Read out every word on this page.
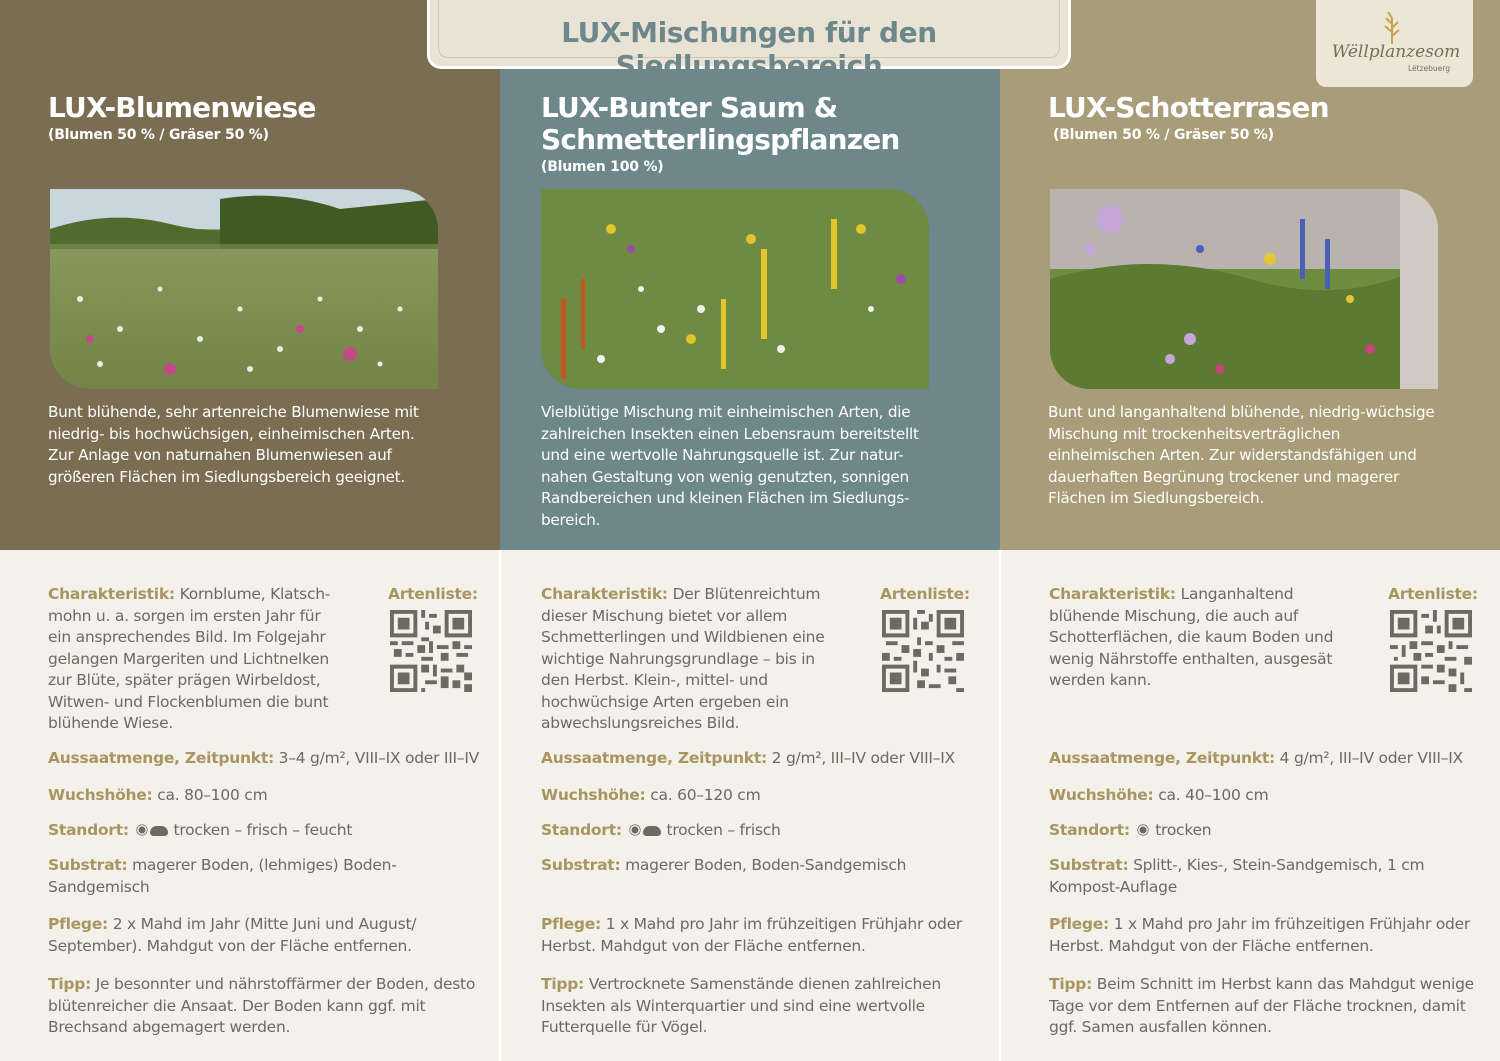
LUX-Blumenwiese
(Blumen 50 % / Gräser 50 %)

Bunt blühende, sehr artenreiche Blumenwiese mit niedrig- bis hochwüchsigen, einheimischen Arten. Zur Anlage von naturnahen Blumenwiesen auf größeren Flächen im Siedlungsbereich geeignet.

LUX-Bunter Saum & Schmetterlingspflanzen
(Blumen 100 %)

Vielblütige Mischung mit einheimischen Arten, die zahlreichen Insekten einen Lebensraum bereitstellt und eine wertvolle Nahrungsquelle ist. Zur natur-nahen Gestaltung von wenig genutzten, sonnigen Randbereichen und kleinen Flächen im Siedlungs-bereich.

LUX-Schotterrasen
(Blumen 50 % / Gräser 50 %)

Bunt und langanhaltend blühende, niedrig-wüchsige Mischung mit trockenheitsverträglichen einheimischen Arten. Zur widerstandsfähigen und dauerhaften Begrünung trockener und magerer Flächen im Siedlungsbereich.

LUX-Mischungen für den Siedlungsbereich	Wëllplanzesom
Lëtzebuerg

Charakteristik: Kornblume, Klatsch-mohn u. a. sorgen im ersten Jahr für ein ansprechendes Bild. Im Folgejahr gelangen Margeriten und Lichtnelken zur Blüte, später prägen Wirbeldost, Witwen- und Flockenblumen die bunt blühende Wiese.

Artenliste:

Aussaatmenge, Zeitpunkt: 3–4 g/m², VIII–IX oder III–IV

Wuchshöhe: ca. 80–100 cm

Standort:	trocken – frisch – feucht

Substrat: magerer Boden, (lehmiges) Boden-Sandgemisch

Pflege: 2 x Mahd im Jahr (Mitte Juni und August/ September). Mahdgut von der Fläche entfernen.

Tipp: Je besonnter und nährstoffärmer der Boden, desto blütenreicher die Ansaat. Der Boden kann ggf. mit Brechsand abgemagert werden.

Charakteristik: Der Blütenreichtum dieser Mischung bietet vor allem Schmetterlingen und Wildbienen eine wichtige Nahrungsgrundlage – bis in den Herbst. Klein-, mittel- und hochwüchsige Arten ergeben ein abwechslungsreiches Bild.

Artenliste:

Aussaatmenge, Zeitpunkt: 2 g/m², III–IV oder VIII–IX

Wuchshöhe: ca. 60–120 cm

Standort:	trocken – frisch

Substrat: magerer Boden, Boden-Sandgemisch

Pflege: 1 x Mahd pro Jahr im frühzeitigen Frühjahr oder Herbst. Mahdgut von der Fläche entfernen.

Tipp: Vertrocknete Samenstände dienen zahlreichen Insekten als Winterquartier und sind eine wertvolle Futterquelle für Vögel.

Charakteristik: Langanhaltend blühende Mischung, die auch auf Schotterflächen, die kaum Boden und wenig Nährstoffe enthalten, ausgesät werden kann.

Artenliste:

Aussaatmenge, Zeitpunkt: 4 g/m², III–IV oder VIII–IX

Wuchshöhe: ca. 40–100 cm

Standort: trocken

Substrat: Splitt-, Kies-, Stein-Sandgemisch, 1 cm Kompost-Auflage

Pflege: 1 x Mahd pro Jahr im frühzeitigen Frühjahr oder Herbst. Mahdgut von der Fläche entfernen.

Tipp: Beim Schnitt im Herbst kann das Mahdgut wenige Tage vor dem Entfernen auf der Fläche trocknen, damit ggf. Samen ausfallen können.
